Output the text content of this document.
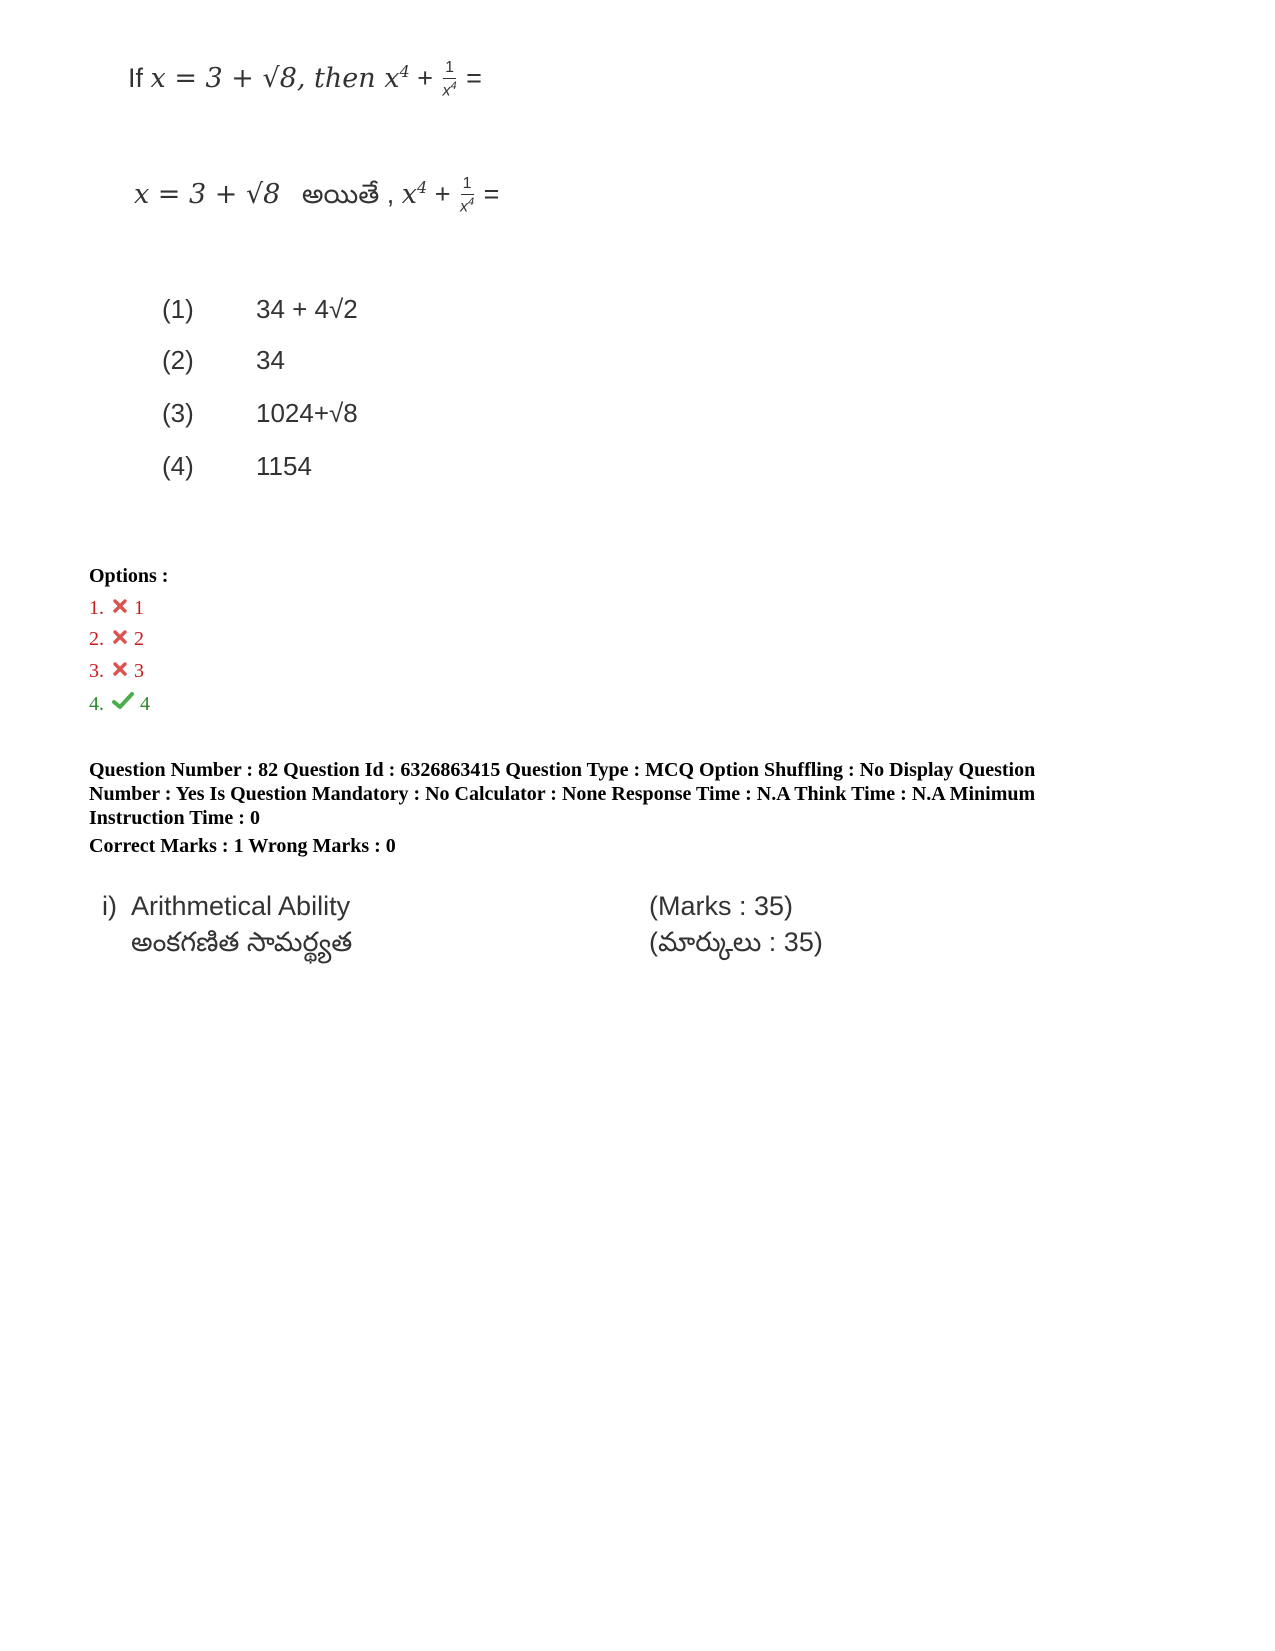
If x = 3 + √8, then $x^4 + \frac{1}{x^4}$ =
x = 3 + √8 అయితే , $x^4 + \frac{1}{x^4}$ =
(1) 34 + 4√2
(2) 34
(3) 1024+√8
(4) 1154
Options :
1. 1
2. 2
3. 3
4. 4
Question Number : 82 Question Id : 6326863415 Question Type : MCQ Option Shuffling : No Display Question
Number : Yes Is Question Mandatory : No Calculator : None Response Time : N.A Think Time : N.A Minimum
Instruction Time : 0
Correct Marks : 1 Wrong Marks : 0
i) Arithmetical Ability
అంకగణిత సామర్థ్యత
(Marks : 35)
(మార్కులు : 35)
